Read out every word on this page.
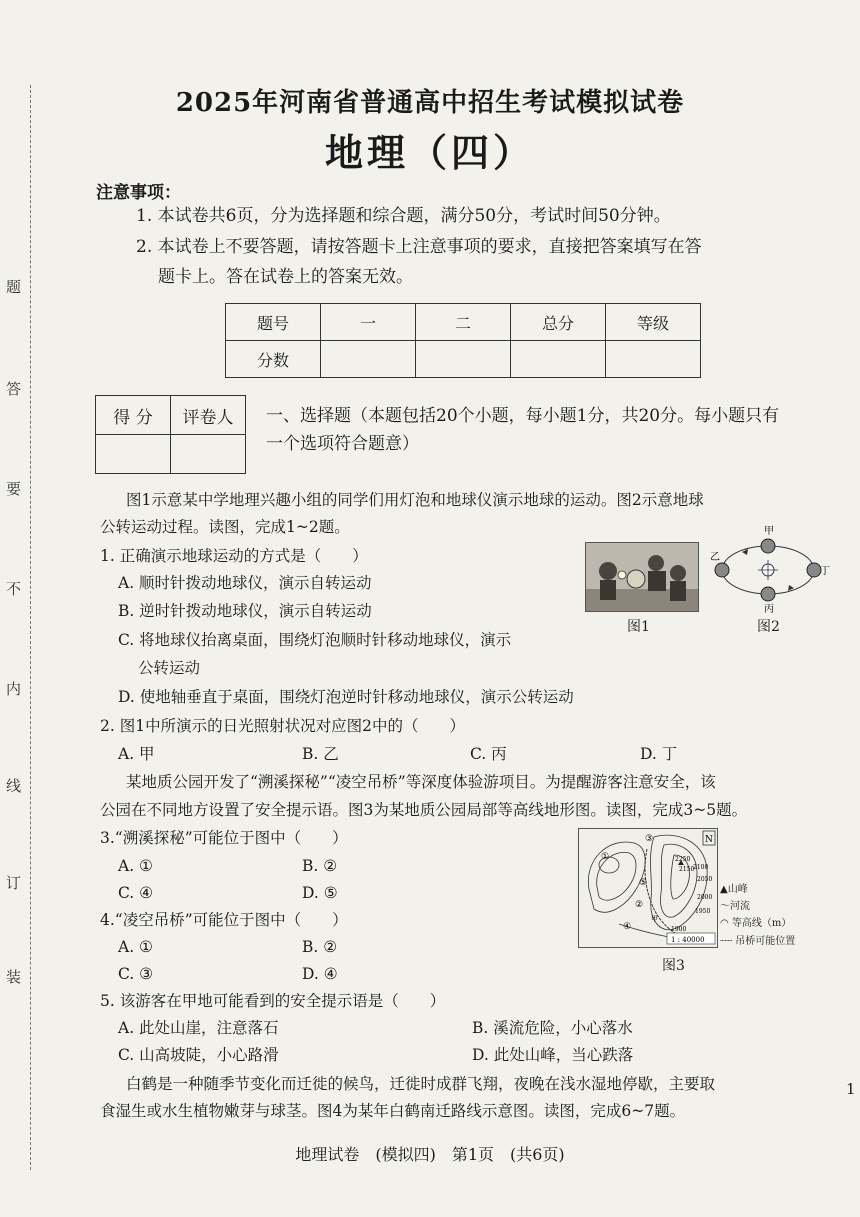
题
答
要
不
内
线
订
装
2025年河南省普通高中招生考试模拟试卷
地理（四）
注意事项：
1. 本试卷共6页，分为选择题和综合题，满分50分，考试时间50分钟。
2. 本试卷上不要答题，请按答题卡上注意事项的要求，直接把答案填写在答
题卡上。答在试卷上的答案无效。
题号	一	二	总分	等级
分数				
得 分	评卷人
	一、选择题（本题包括20个小题，每小题1分，共20分。每小题只有
一个选项符合题意）
图1示意某中学地理兴趣小组的同学们用灯泡和地球仪演示地球的运动。图2示意地球
公转运动过程。读图，完成1~2题。
1. 正确演示地球运动的方式是（　　）
A. 顺时针拨动地球仪，演示自转运动
B. 逆时针拨动地球仪，演示自转运动
C. 将地球仪抬离桌面，围绕灯泡顺时针移动地球仪，演示
公转运动
D. 使地轴垂直于桌面，围绕灯泡逆时针移动地球仪，演示公转运动
图1
甲
乙
丙
丁
图2
2. 图1中所演示的日光照射状况对应图2中的（　　）
A. 甲	B. 乙	C. 丙	D. 丁
某地质公园开发了“溯溪探秘”“凌空吊桥”等深度体验游项目。为提醒游客注意安全，该
公园在不同地方设置了安全提示语。图3为某地质公园局部等高线地形图。读图，完成3~5题。
3.“溯溪探秘”可能位于图中（　　）
A. ①	B. ②
C. ④	D. ⑤
4.“凌空吊桥”可能位于图中（　　）
A. ①	B. ②
C. ③	D. ④
N
2250
2150
2100
2050
2000
1950
1900
①
②
③
④
⑤
甲
1 : 40000
▲山峰
〜河流
◠ 等高线（m）
┈┈ 吊桥可能位置
图3
5. 该游客在甲地可能看到的安全提示语是（　　）
A. 此处山崖，注意落石	B. 溪流危险，小心落水
C. 山高坡陡，小心路滑	D. 此处山峰，当心跌落
白鹤是一种随季节变化而迁徙的候鸟，迁徙时成群飞翔，夜晚在浅水湿地停歇，主要取
食湿生或水生植物嫩芽与球茎。图4为某年白鹤南迁路线示意图。读图，完成6~7题。
1
地理试卷　(模拟四)　第1页　(共6页)
